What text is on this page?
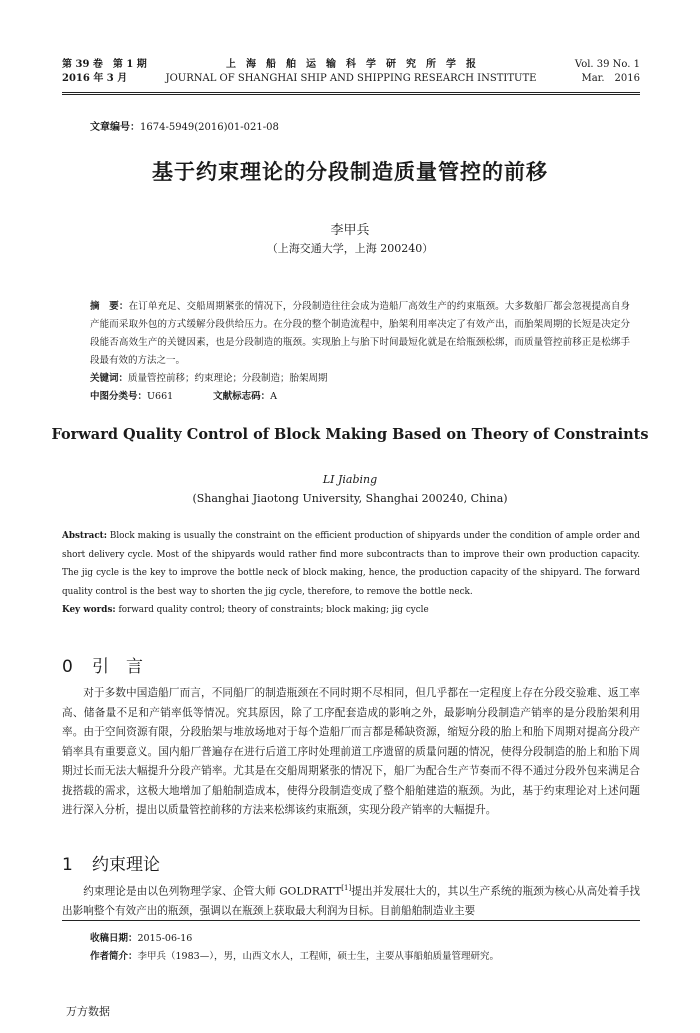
第 39 卷　第 1 期
2016 年 3 月
上　海　船　舶　运　输　科　学　研　究　所　学　报
JOURNAL OF SHANGHAI SHIP AND SHIPPING RESEARCH INSTITUTE
Vol. 39 No. 1
Mar.　2016
文章编号：1674-5949(2016)01-021-08
基于约束理论的分段制造质量管控的前移
李甲兵
（上海交通大学，上海 200240）
摘　要：在订单充足、交船周期紧张的情况下，分段制造往往会成为造船厂高效生产的约束瓶颈。大多数船厂都会忽视提高自身产能而采取外包的方式缓解分段供给压力。在分段的整个制造流程中，胎架利用率决定了有效产出，而胎架周期的长短是决定分段能否高效生产的关键因素，也是分段制造的瓶颈。实现胎上与胎下时间最短化就是在给瓶颈松绑，而质量管控前移正是松绑手段最有效的方法之一。
关键词：质量管控前移；约束理论；分段制造；胎架周期
中图分类号：U661	文献标志码：A
Forward Quality Control of Block Making Based on Theory of Constraints
LI Jiabing
(Shanghai Jiaotong University, Shanghai 200240, China)
Abstract: Block making is usually the constraint on the efficient production of shipyards under the condition of ample order and short delivery cycle. Most of the shipyards would rather find more subcontracts than to improve their own production capacity. The jig cycle is the key to improve the bottle neck of block making, hence, the production capacity of the shipyard. The forward quality control is the best way to shorten the jig cycle, therefore, to remove the bottle neck.
Key words: forward quality control; theory of constraints; block making; jig cycle
0 引　言
对于多数中国造船厂而言，不同船厂的制造瓶颈在不同时期不尽相同，但几乎都在一定程度上存在分段交验难、返工率高、储备量不足和产销率低等情况。究其原因，除了工序配套造成的影响之外，最影响分段制造产销率的是分段胎架利用率。由于空间资源有限，分段胎架与堆放场地对于每个造船厂而言都是稀缺资源，缩短分段的胎上和胎下周期对提高分段产销率具有重要意义。国内船厂普遍存在进行后道工序时处理前道工序遗留的质量问题的情况，使得分段制造的胎上和胎下周期过长而无法大幅提升分段产销率。尤其是在交船周期紧张的情况下，船厂为配合生产节奏而不得不通过分段外包来满足合拢搭载的需求，这极大地增加了船舶制造成本，使得分段制造变成了整个船舶建造的瓶颈。为此，基于约束理论对上述问题进行深入分析，提出以质量管控前移的方法来松绑该约束瓶颈，实现分段产销率的大幅提升。
1 约束理论
约束理论是由以色列物理学家、企管大师 GOLDRATT[1]提出并发展壮大的，其以生产系统的瓶颈为核心从高处着手找出影响整个有效产出的瓶颈，强调以在瓶颈上获取最大利润为目标。目前船舶制造业主要
收稿日期：2015-06-16
作者简介：李甲兵（1983—），男，山西文水人，工程师，硕士生，主要从事船舶质量管理研究。
万方数据
